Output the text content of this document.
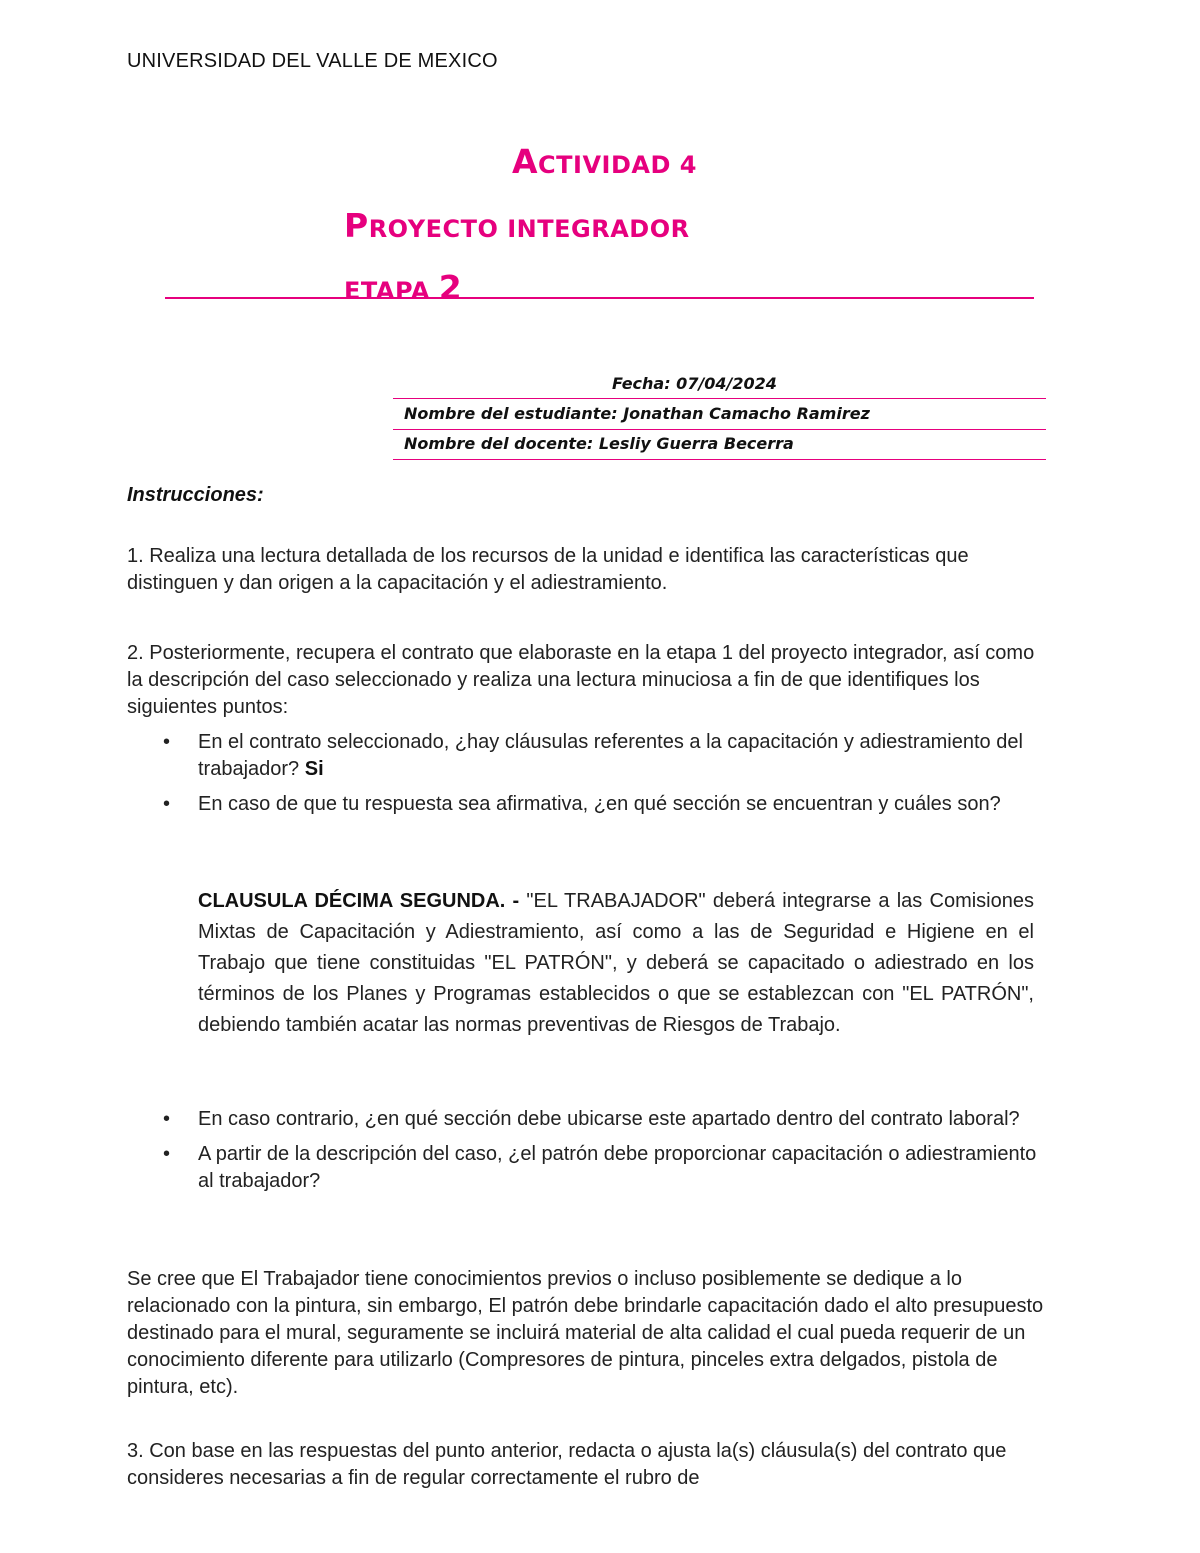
UNIVERSIDAD DEL VALLE DE MEXICO
ACTIVIDAD 4
PROYECTO INTEGRADOR
ETAPA 2
Fecha: 07/04/2024
Nombre del estudiante: Jonathan Camacho Ramirez
Nombre del docente: Lesliy Guerra Becerra
Instrucciones:
1. Realiza una lectura detallada de los recursos de la unidad e identifica las características que distinguen y dan origen a la capacitación y el adiestramiento.
2. Posteriormente, recupera el contrato que elaboraste en la etapa 1 del proyecto integrador, así como la descripción del caso seleccionado y realiza una lectura minuciosa a fin de que identifiques los siguientes puntos:
• En el contrato seleccionado, ¿hay cláusulas referentes a la capacitación y adiestramiento del trabajador? Si
• En caso de que tu respuesta sea afirmativa, ¿en qué sección se encuentran y cuáles son?
CLAUSULA DÉCIMA SEGUNDA. - "EL TRABAJADOR" deberá integrarse a las Comisiones Mixtas de Capacitación y Adiestramiento, así como a las de Seguridad e Higiene en el Trabajo que tiene constituidas "EL PATRÓN", y deberá se capacitado o adiestrado en los términos de los Planes y Programas establecidos o que se establezcan con "EL PATRÓN", debiendo también acatar las normas preventivas de Riesgos de Trabajo.
• En caso contrario, ¿en qué sección debe ubicarse este apartado dentro del contrato laboral?
• A partir de la descripción del caso, ¿el patrón debe proporcionar capacitación o adiestramiento al trabajador?
Se cree que El Trabajador tiene conocimientos previos o incluso posiblemente se dedique a lo relacionado con la pintura, sin embargo, El patrón debe brindarle capacitación dado el alto presupuesto destinado para el mural, seguramente se incluirá material de alta calidad el cual pueda requerir de un conocimiento diferente para utilizarlo (Compresores de pintura, pinceles extra delgados, pistola de pintura, etc).
3. Con base en las respuestas del punto anterior, redacta o ajusta la(s) cláusula(s) del contrato que consideres necesarias a fin de regular correctamente el rubro de
